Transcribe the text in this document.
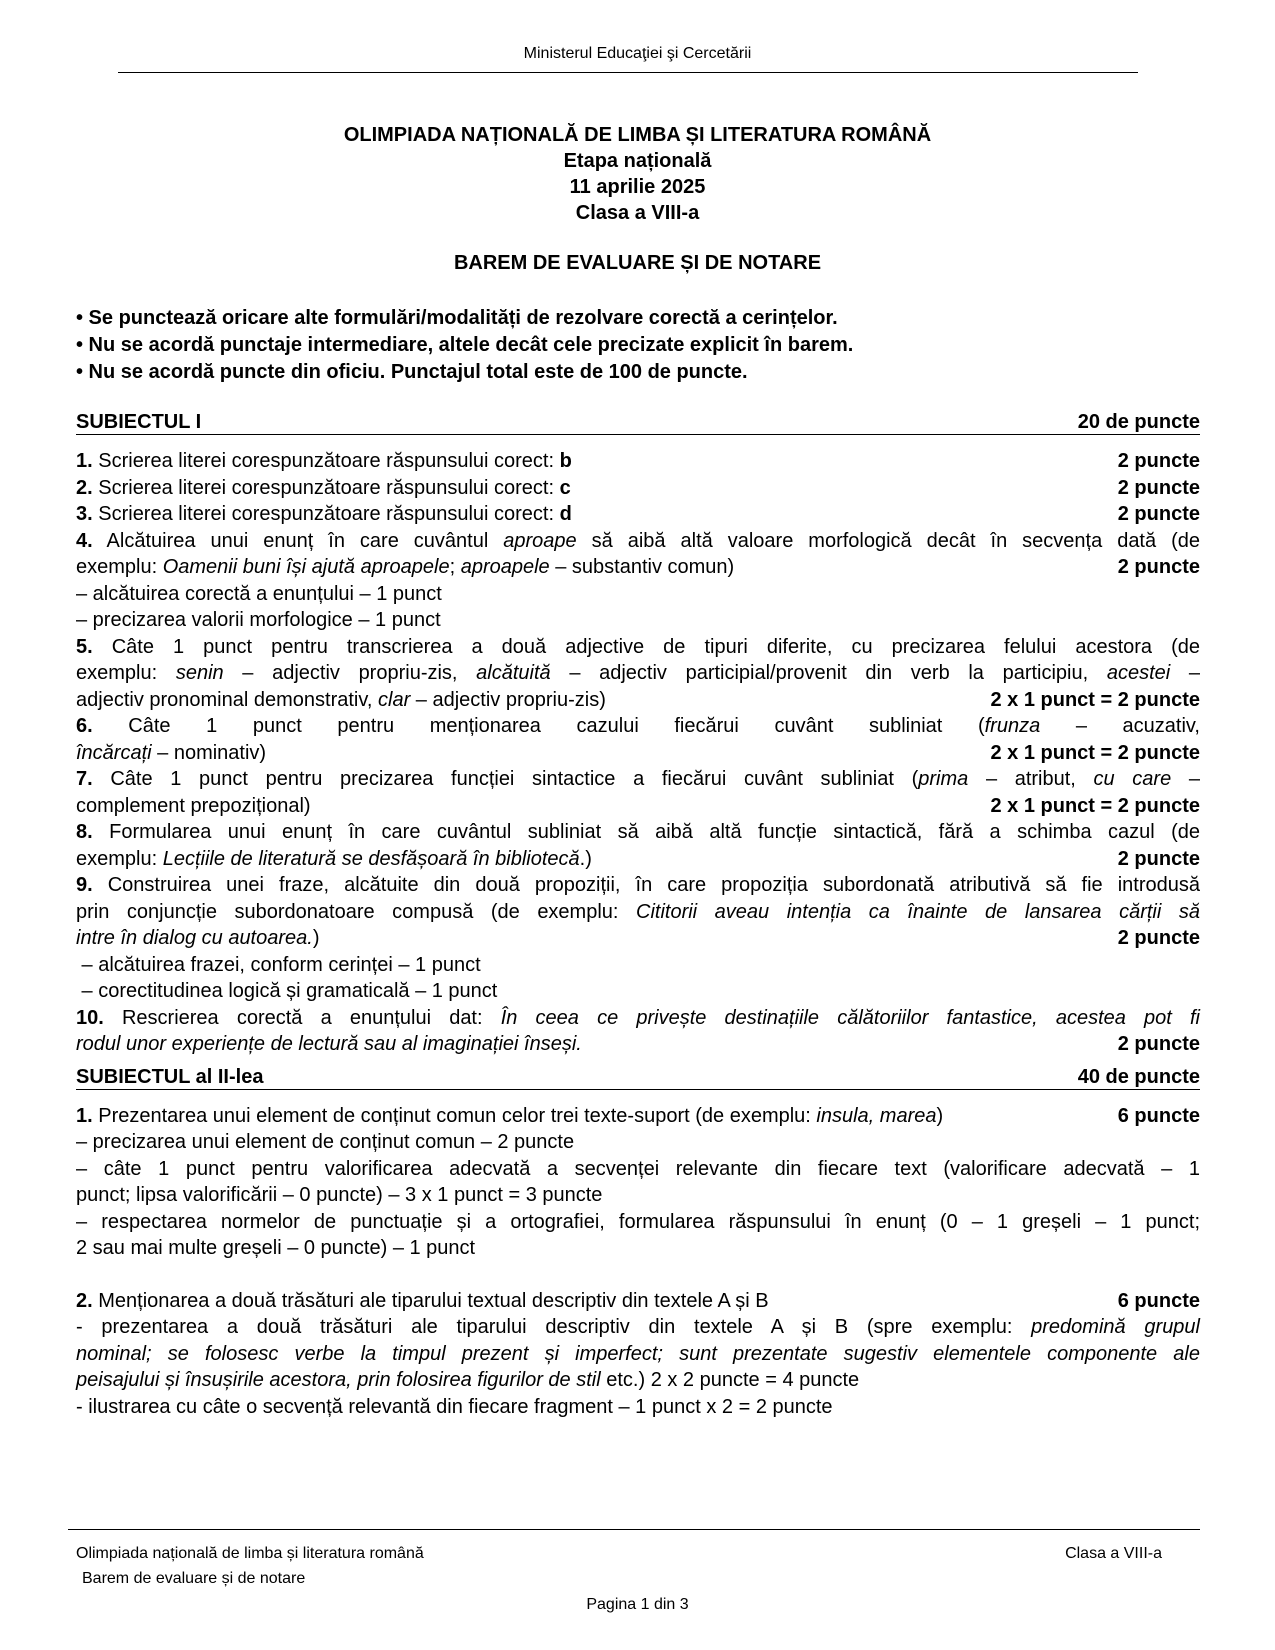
Ministerul Educaţiei şi Cercetării
OLIMPIADA NAȚIONALĂ DE LIMBA ȘI LITERATURA ROMÂNĂ
Etapa națională
11 aprilie 2025
Clasa a VIII-a
BAREM DE EVALUARE ȘI DE NOTARE
• Se punctează oricare alte formulări/modalități de rezolvare corectă a cerințelor.
• Nu se acordă punctaje intermediare, altele decât cele precizate explicit în barem.
• Nu se acordă puncte din oficiu. Punctajul total este de 100 de puncte.
SUBIECTUL I	20 de puncte
1. Scrierea literei corespunzătoare răspunsului corect: b	2 puncte
2. Scrierea literei corespunzătoare răspunsului corect: c	2 puncte
3. Scrierea literei corespunzătoare răspunsului corect: d	2 puncte
4. Alcătuirea unui enunț în care cuvântul aproape să aibă altă valoare morfologică decât în secvența dată (de
exemplu: Oamenii buni își ajută aproapele; aproapele – substantiv comun)	2 puncte
– alcătuirea corectă a enunțului – 1 punct
– precizarea valorii morfologice – 1 punct
5. Câte 1 punct pentru transcrierea a două adjective de tipuri diferite, cu precizarea felului acestora (de
exemplu: senin – adjectiv propriu-zis, alcătuită – adjectiv participial/provenit din verb la participiu, acestei –
adjectiv pronominal demonstrativ, clar – adjectiv propriu-zis)	2 x 1 punct = 2 puncte
6. Câte 1 punct pentru menționarea cazului fiecărui cuvânt subliniat (frunza – acuzativ,
încărcați – nominativ)	2 x 1 punct = 2 puncte
7. Câte 1 punct pentru precizarea funcției sintactice a fiecărui cuvânt subliniat (prima – atribut, cu care –
complement prepozițional)	2 x 1 punct = 2 puncte
8. Formularea unui enunț în care cuvântul subliniat să aibă altă funcție sintactică, fără a schimba cazul (de
exemplu: Lecțiile de literatură se desfășoară în bibliotecă.)	2 puncte
9. Construirea unei fraze, alcătuite din două propoziții, în care propoziția subordonată atributivă să fie introdusă
prin conjuncție subordonatoare compusă (de exemplu: Cititorii aveau intenția ca înainte de lansarea cărții să
intre în dialog cu autoarea.)	2 puncte
– alcătuirea frazei, conform cerinței – 1 punct
– corectitudinea logică și gramaticală – 1 punct
10. Rescrierea corectă a enunțului dat: În ceea ce privește destinațiile călătoriilor fantastice, acestea pot fi
rodul unor experiențe de lectură sau al imaginației înseși.	2 puncte
SUBIECTUL al II-lea	40 de puncte
1. Prezentarea unui element de conținut comun celor trei texte-suport (de exemplu: insula, marea)	6 puncte
– precizarea unui element de conținut comun – 2 puncte
– câte 1 punct pentru valorificarea adecvată a secvenței relevante din fiecare text (valorificare adecvată – 1
punct; lipsa valorificării – 0 puncte) – 3 x 1 punct = 3 puncte
– respectarea normelor de punctuație și a ortografiei, formularea răspunsului în enunț (0 – 1 greșeli – 1 punct;
2 sau mai multe greșeli – 0 puncte) – 1 punct
2. Menționarea a două trăsături ale tiparului textual descriptiv din textele A și B	6 puncte
- prezentarea a două trăsături ale tiparului descriptiv din textele A și B (spre exemplu: predomină grupul
nominal; se folosesc verbe la timpul prezent și imperfect; sunt prezentate sugestiv elementele componente ale
peisajului și însușirile acestora, prin folosirea figurilor de stil etc.) 2 x 2 puncte = 4 puncte
- ilustrarea cu câte o secvență relevantă din fiecare fragment – 1 punct x 2 = 2 puncte
Olimpiada națională de limba și literatura română
Barem de evaluare și de notare
Clasa a VIII-a
Pagina 1 din 3
